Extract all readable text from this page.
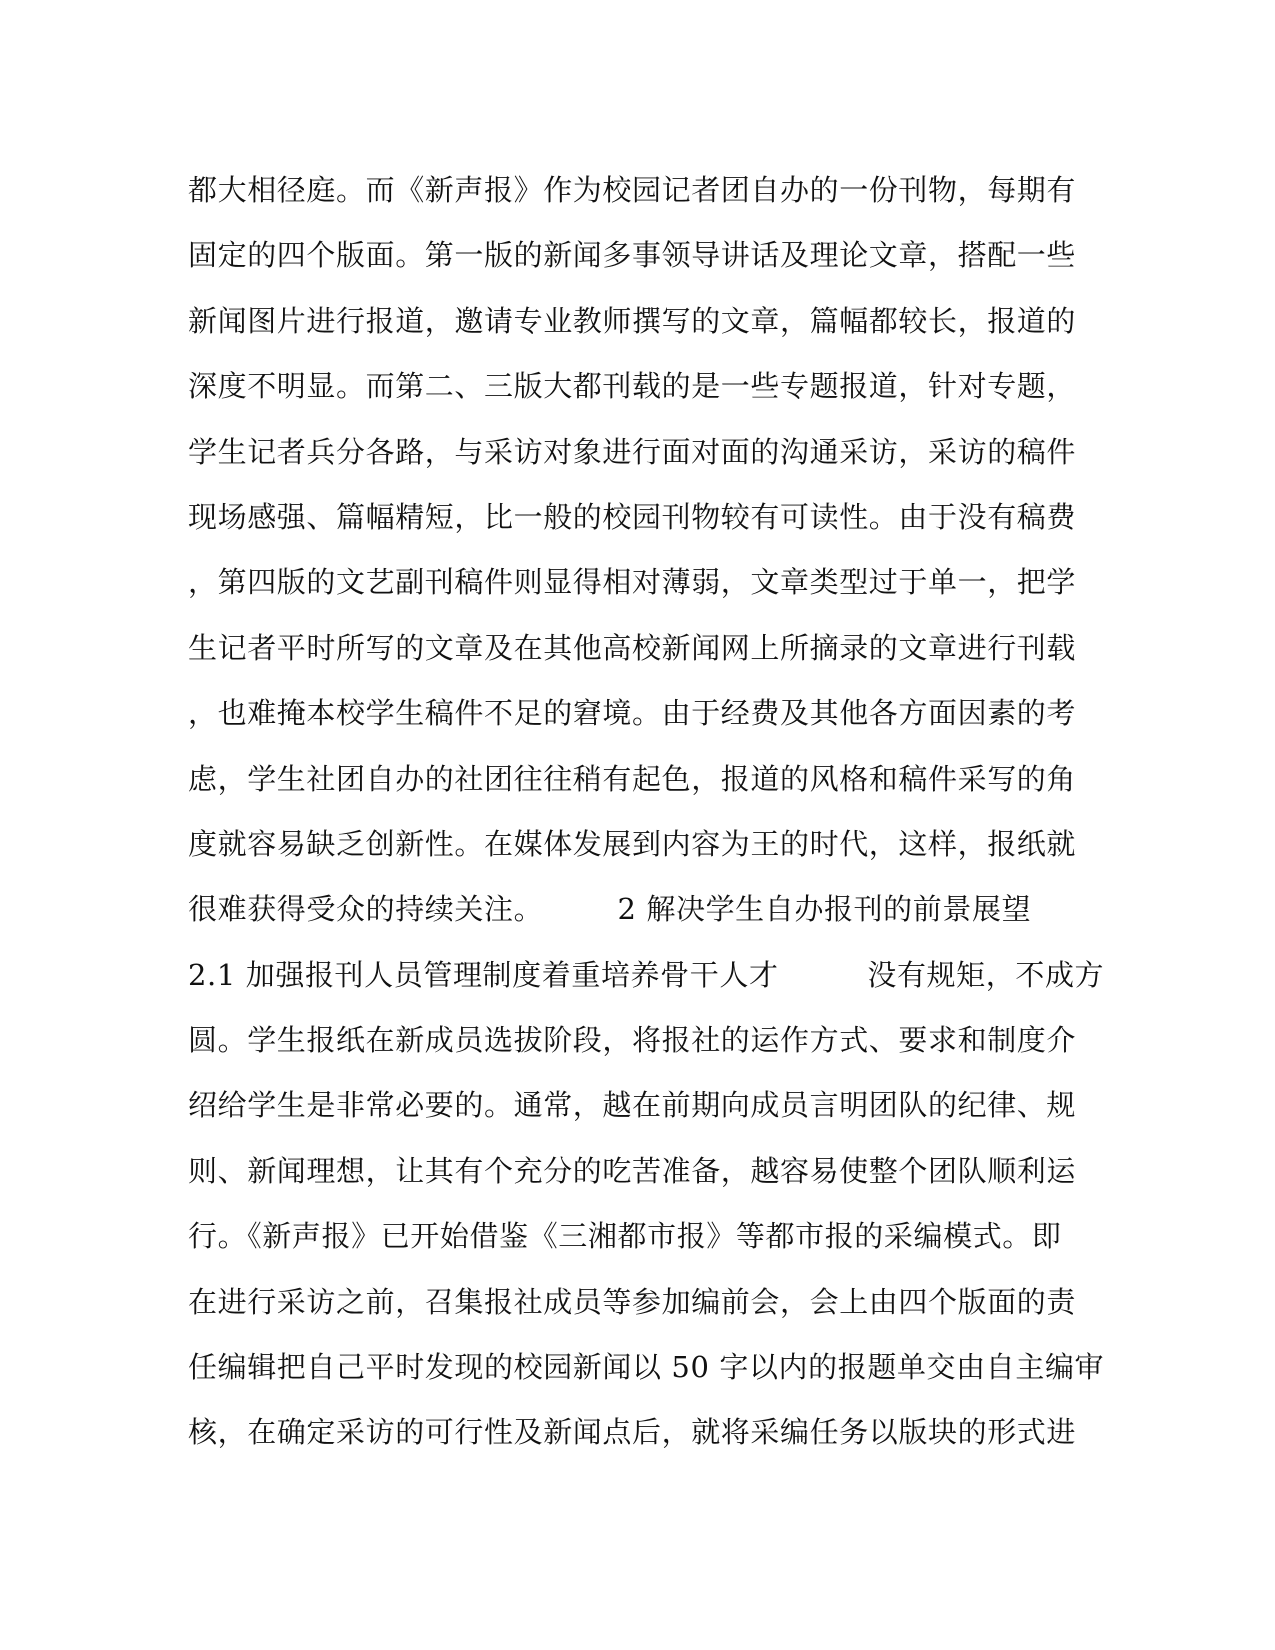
都大相径庭。而《新声报》作为校园记者团自办的一份刊物，每期有
固定的四个版面。第一版的新闻多事领导讲话及理论文章，搭配一些
新闻图片进行报道，邀请专业教师撰写的文章，篇幅都较长，报道的
深度不明显。而第二、三版大都刊载的是一些专题报道，针对专题，
学生记者兵分各路，与采访对象进行面对面的沟通采访，采访的稿件
现场感强、篇幅精短，比一般的校园刊物较有可读性。由于没有稿费
，第四版的文艺副刊稿件则显得相对薄弱，文章类型过于单一，把学
生记者平时所写的文章及在其他高校新闻网上所摘录的文章进行刊载
，也难掩本校学生稿件不足的窘境。由于经费及其他各方面因素的考
虑，学生社团自办的社团往往稍有起色，报道的风格和稿件采写的角
度就容易缺乏创新性。在媒体发展到内容为王的时代，这样，报纸就
很难获得受众的持续关注。　　　2 解决学生自办报刊的前景展望
2.1 加强报刊人员管理制度着重培养骨干人才　　　没有规矩，不成方
圆。学生报纸在新成员选拔阶段，将报社的运作方式、要求和制度介
绍给学生是非常必要的。通常，越在前期向成员言明团队的纪律、规
则、新闻理想，让其有个充分的吃苦准备，越容易使整个团队顺利运
行。《新声报》已开始借鉴《三湘都市报》等都市报的采编模式。即
在进行采访之前，召集报社成员等参加编前会，会上由四个版面的责
任编辑把自己平时发现的校园新闻以 50 字以内的报题单交由自主编审
核，在确定采访的可行性及新闻点后，就将采编任务以版块的形式进
